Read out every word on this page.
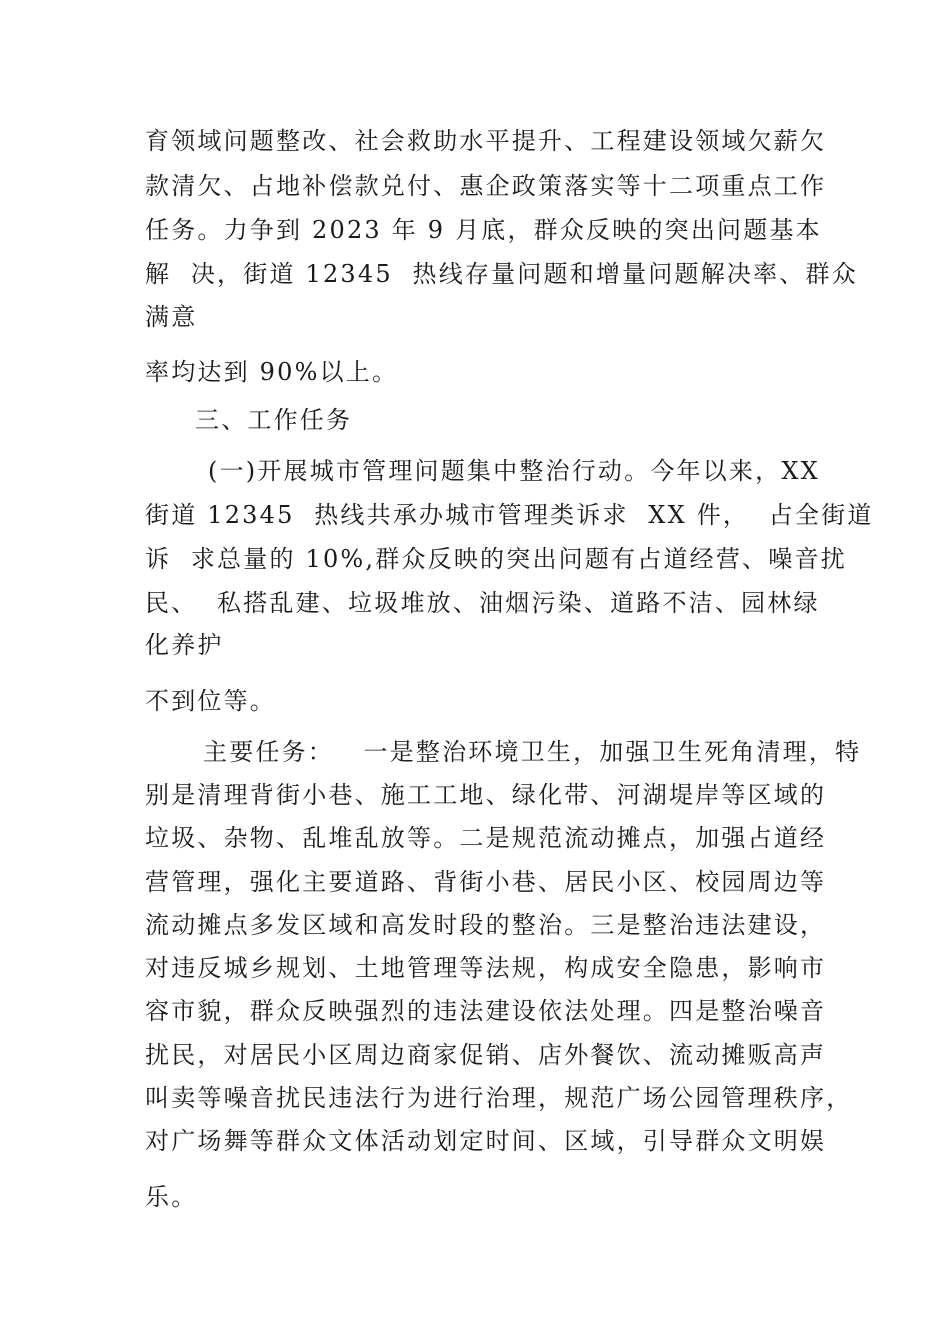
育领域问题整改、社会救助水平提升、工程建设领域欠薪欠
款清欠、占地补偿款兑付、惠企政策落实等十二项重点工作
任务。力争到 2023 年 9 月底，群众反映的突出问题基本
解  决，街道 12345  热线存量问题和增量问题解决率、群众
满意
率均达到 90%以上。
三、工作任务
(一)开展城市管理问题集中整治行动。今年以来，XX
街道 12345  热线共承办城市管理类诉求  XX 件，  占全街道
诉  求总量的 10%,群众反映的突出问题有占道经营、噪音扰
民、  私搭乱建、垃圾堆放、油烟污染、道路不洁、园林绿
化养护
不到位等。
主要任务：   一是整治环境卫生，加强卫生死角清理，特
别是清理背街小巷、施工工地、绿化带、河湖堤岸等区域的
垃圾、杂物、乱堆乱放等。二是规范流动摊点，加强占道经
营管理，强化主要道路、背街小巷、居民小区、校园周边等
流动摊点多发区域和高发时段的整治。三是整治违法建设，
对违反城乡规划、土地管理等法规，构成安全隐患，影响市
容市貌，群众反映强烈的违法建设依法处理。四是整治噪音
扰民，对居民小区周边商家促销、店外餐饮、流动摊贩高声
叫卖等噪音扰民违法行为进行治理，规范广场公园管理秩序，
对广场舞等群众文体活动划定时间、区域，引导群众文明娱
乐。
